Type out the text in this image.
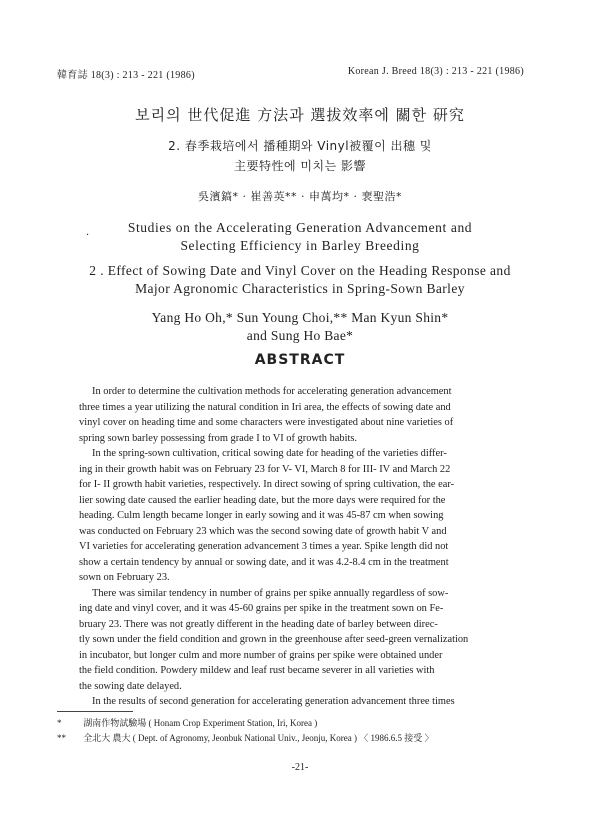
韓育誌 18(3) : 213 - 221 (1986)	Korean J. Breed 18(3) : 213 - 221 (1986)
보리의 世代促進 方法과 選拔效率에 關한 研究
2. 春季栽培에서 播種期와 Vinyl被覆이 出穗 및
主要特性에 미치는 影響
吳濱鎬* · 崔善英** · 申萬均* · 裵聖浩*
·
Studies on the Accelerating Generation Advancement and
Selecting Efficiency in Barley Breeding
2 . Effect of Sowing Date and Vinyl Cover on the Heading Response and
Major Agronomic Characteristics in Spring-Sown Barley
Yang Ho Oh,* Sun Young Choi,** Man Kyun Shin*
and Sung Ho Bae*
ABSTRACT
In order to determine the cultivation methods for accelerating generation advancement
three times a year utilizing the natural condition in Iri area, the effects of sowing date and
vinyl cover on heading time and some characters were investigated about nine varieties of
spring sown barley possessing from grade I to VI of growth habits.
In the spring-sown cultivation, critical sowing date for heading of the varieties differ-
ing in their growth habit was on February 23 for V- VI, March 8 for III- IV and March 22
for I- II growth habit varieties, respectively. In direct sowing of spring cultivation, the ear-
lier sowing date caused the earlier heading date, but the more days were required for the
heading. Culm length became longer in early sowing and it was 45-87 cm when sowing
was conducted on February 23 which was the second sowing date of growth habit V and
VI varieties for accelerating generation advancement 3 times a year. Spike length did not
show a certain tendency by annual or sowing date, and it was 4.2-8.4 cm in the treatment
sown on February 23.
There was similar tendency in number of grains per spike annually regardless of sow-
ing date and vinyl cover, and it was 45-60 grains per spike in the treatment sown on Fe-
bruary 23. There was not greatly different in the heading date of barley between direc-
tly sown under the field condition and grown in the greenhouse after seed-green vernalization
in incubator, but longer culm and more number of grains per spike were obtained under
the field condition. Powdery mildew and leaf rust became severer in all varieties with
the sowing date delayed.
In the results of second generation for accelerating generation advancement three times
* 湖南作物試驗場 ( Honam Crop Experiment Station, Iri, Korea )
** 全北大 農大 ( Dept. of Agronomy, Jeonbuk National Univ., Jeonju, Korea ) 〈 1986.6.5 接受 〉
-21-
